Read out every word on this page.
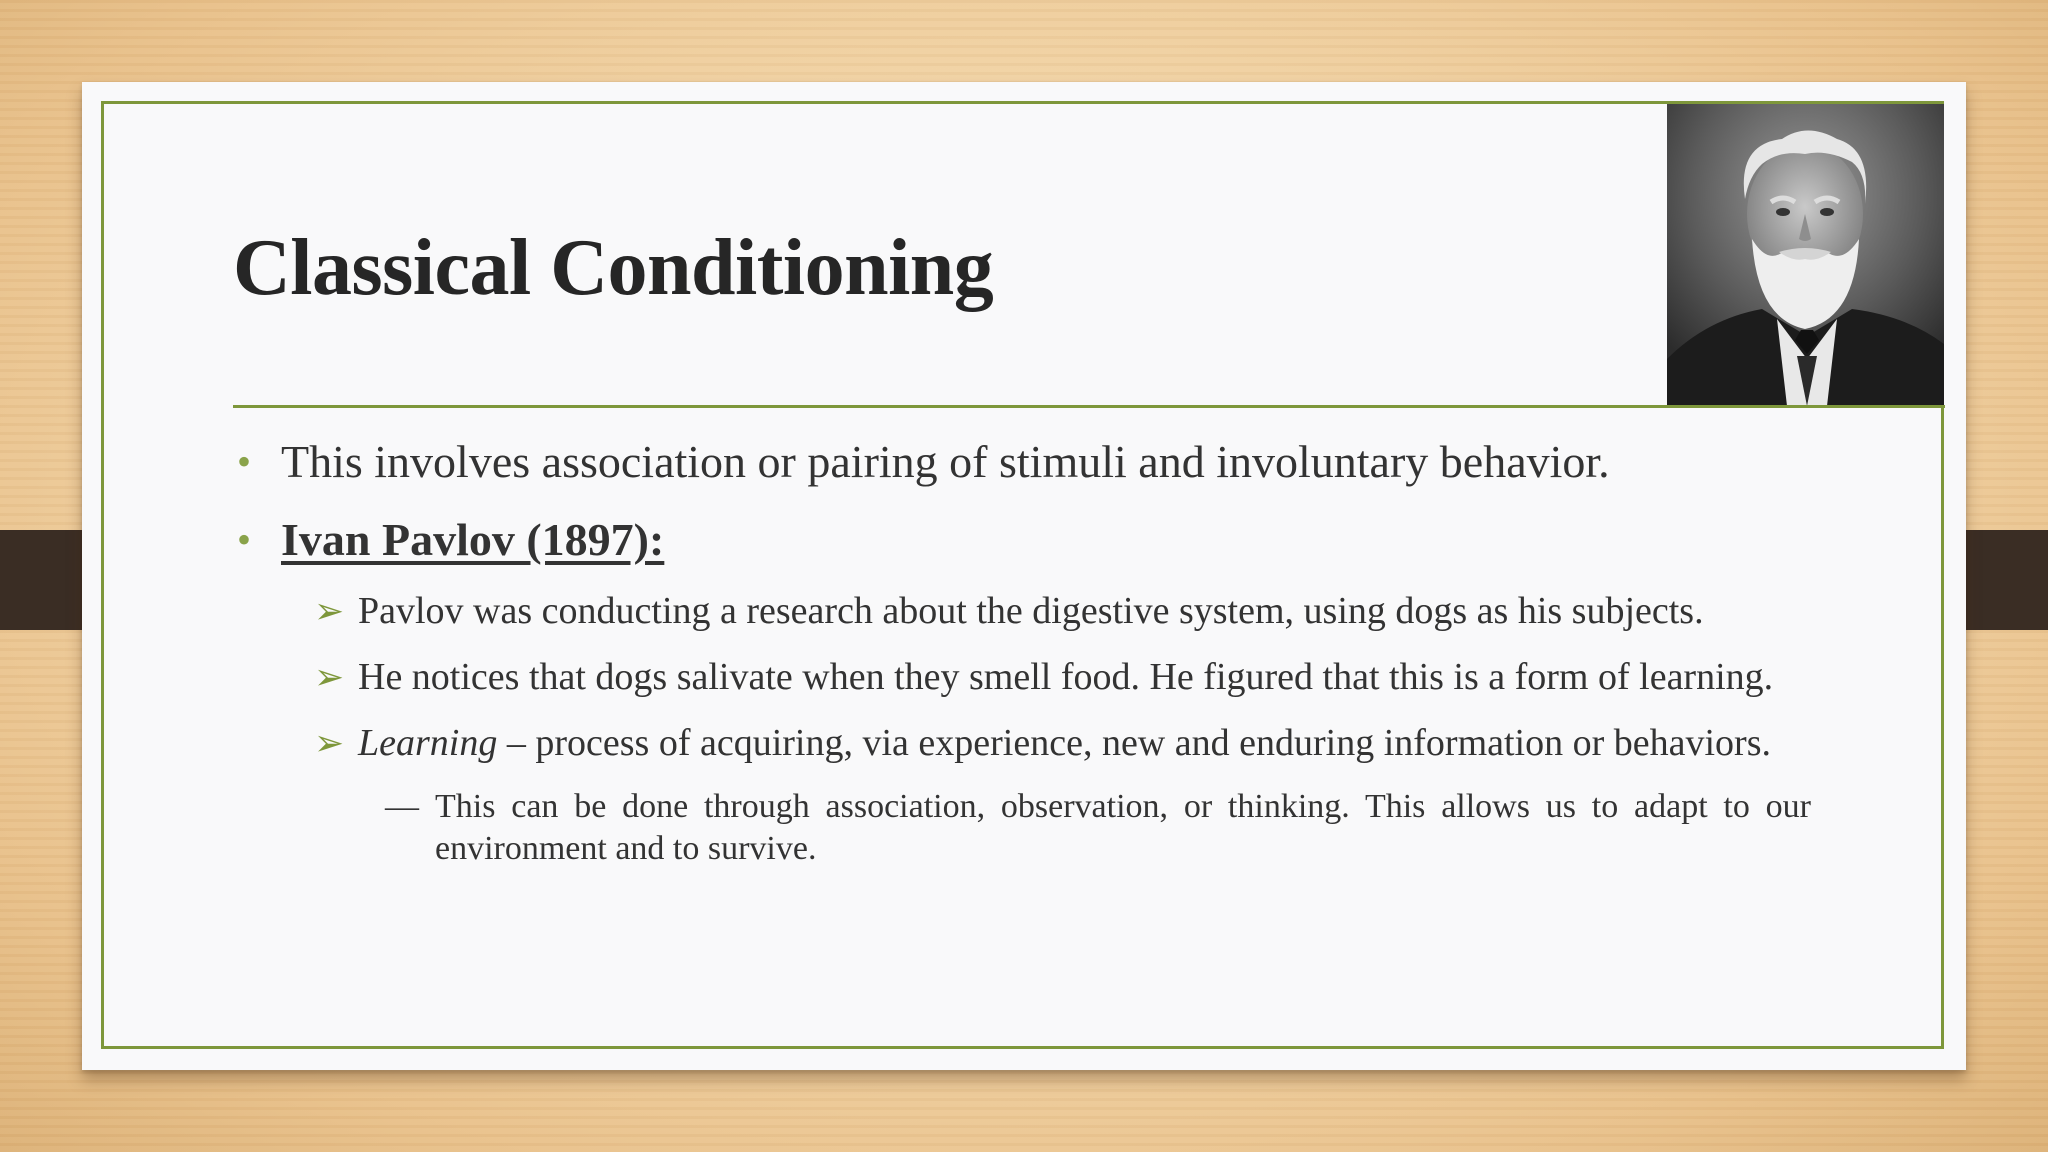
Classical Conditioning
• This involves association or pairing of stimuli and involuntary behavior.
• Ivan Pavlov (1897):
➢ Pavlov was conducting a research about the digestive system, using dogs as his subjects.
➢ He notices that dogs salivate when they smell food. He figured that this is a form of learning.
➢ Learning – process of acquiring, via experience, new and enduring information or behaviors.
— This can be done through association, observation, or thinking. This allows us to adapt to our environment and to survive.
